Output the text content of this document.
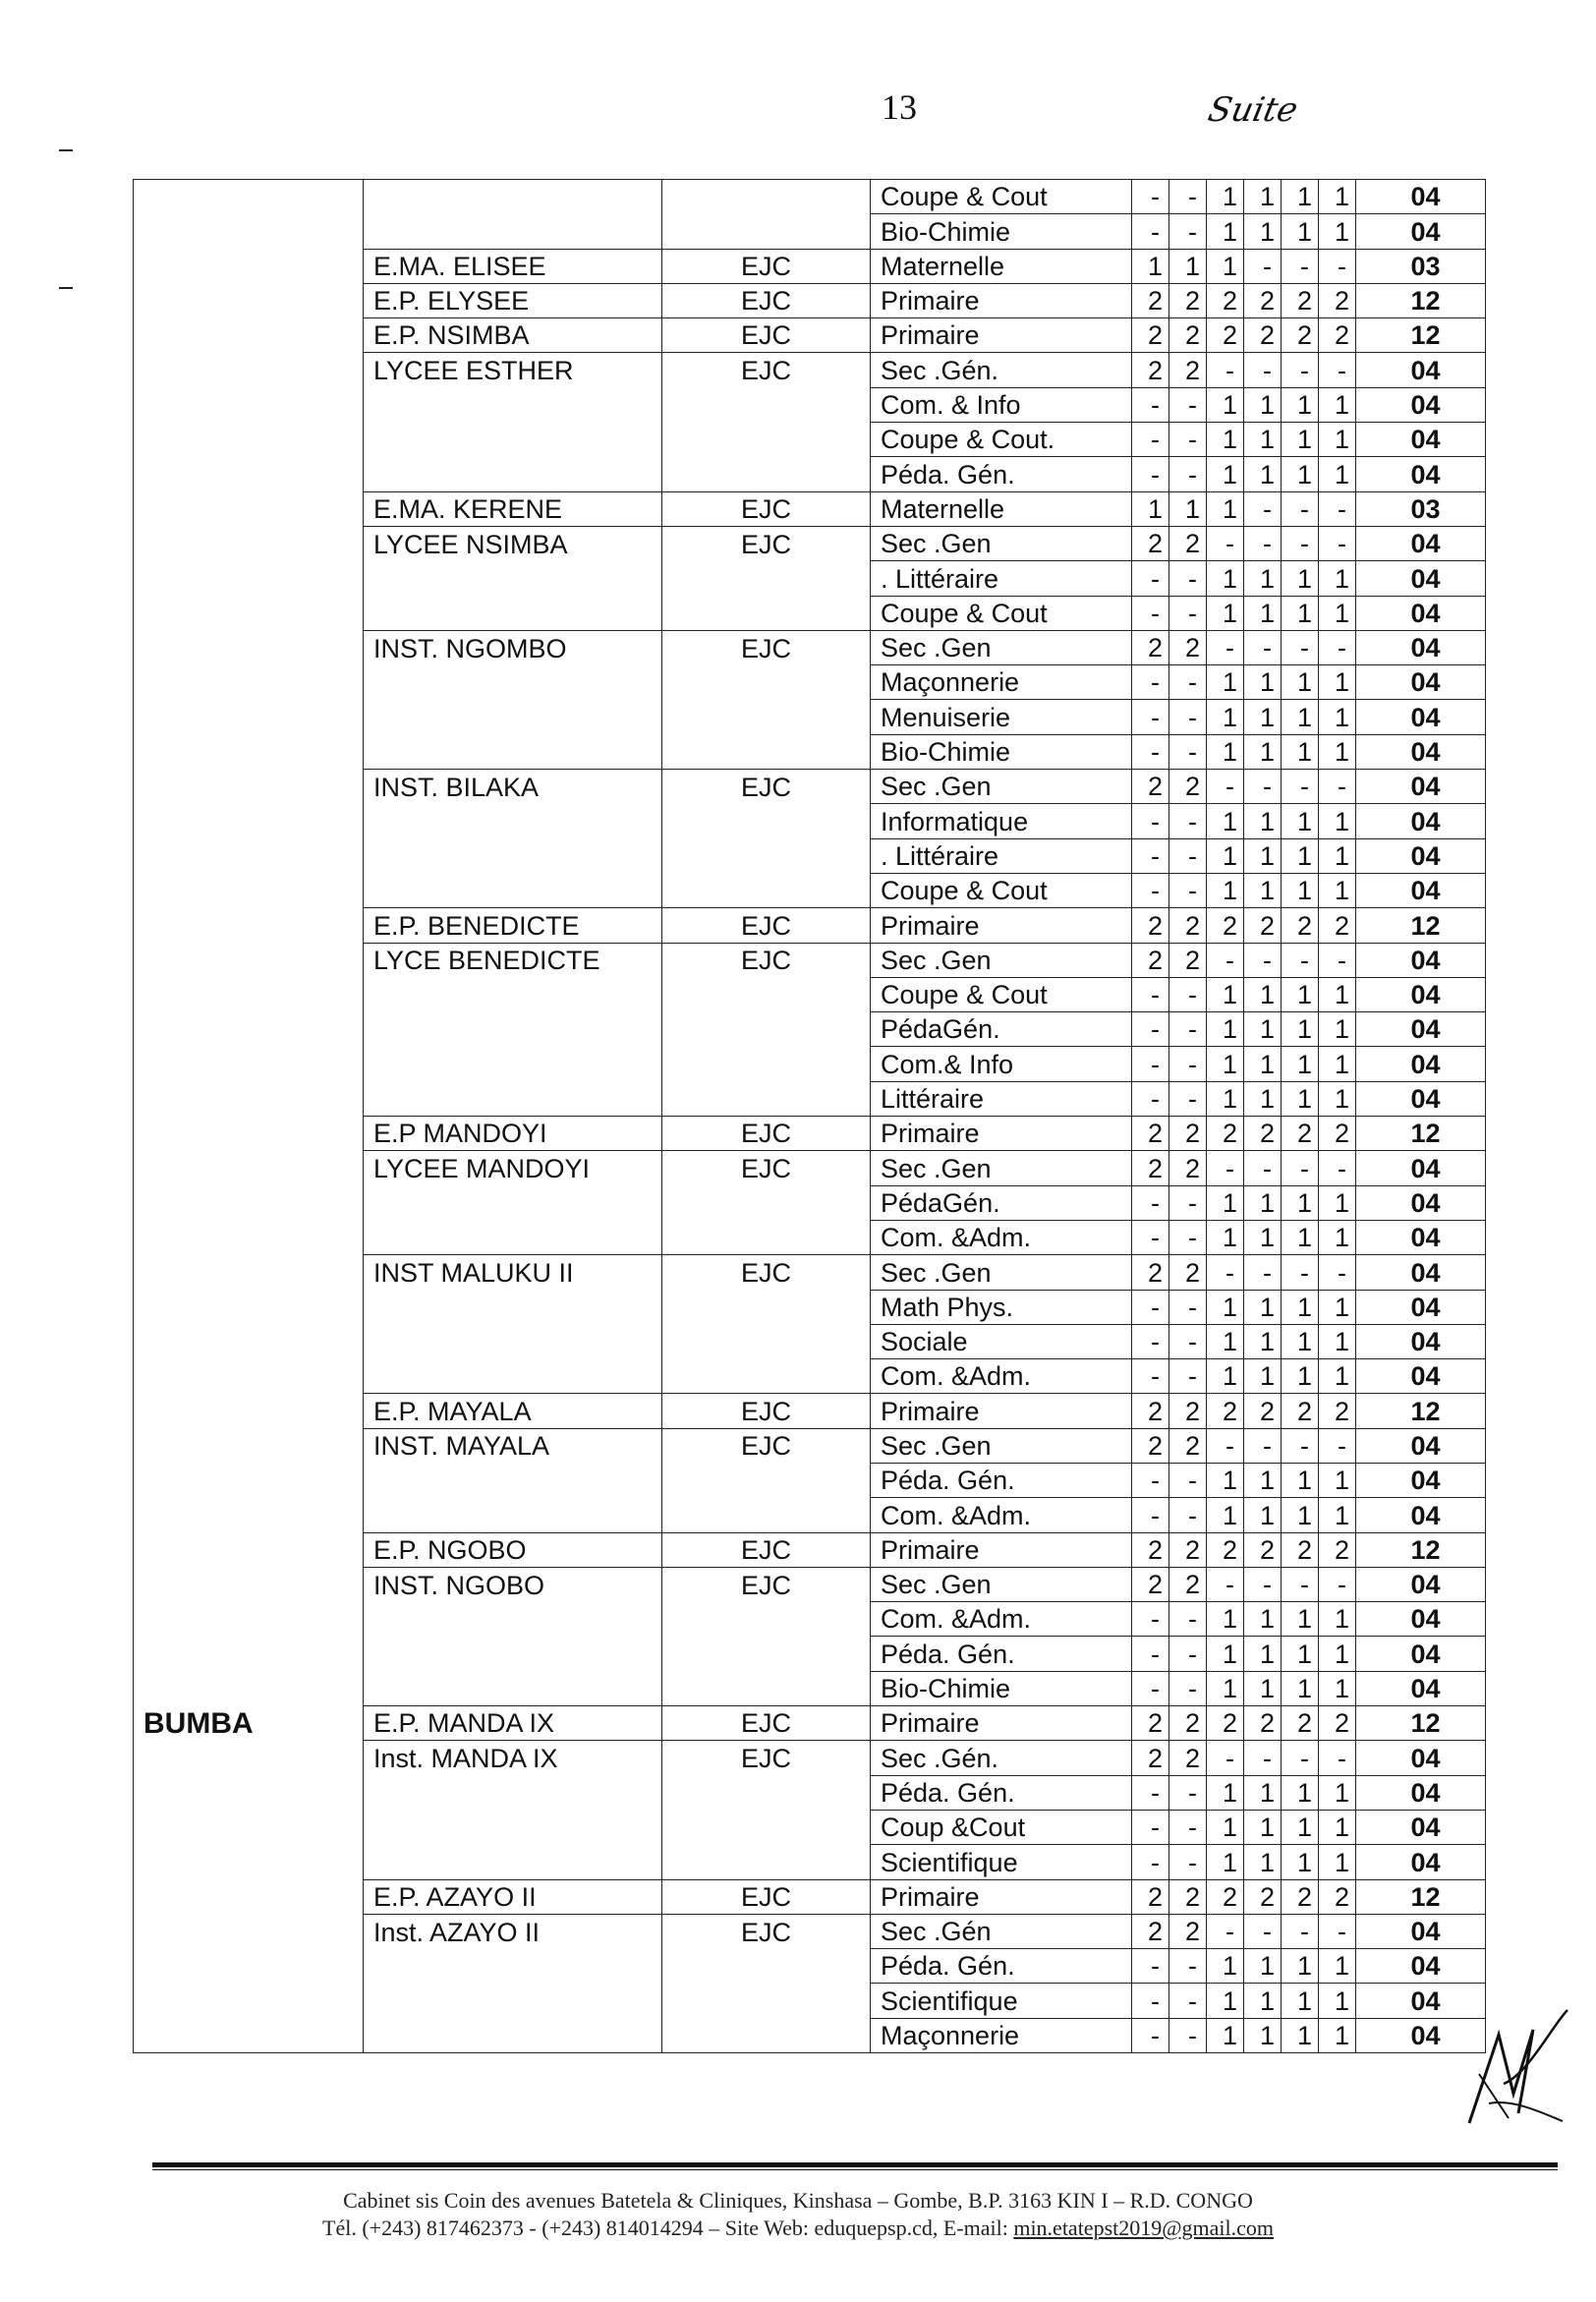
13	Suite
			Coupe & Cout	-	-	1	1	1	1	04
			Bio-Chimie	-	-	1	1	1	1	04
	E.MA. ELISEE	EJC	Maternelle	1	1	1	-	-	-	03
	E.P. ELYSEE	EJC	Primaire	2	2	2	2	2	2	12
	E.P. NSIMBA	EJC	Primaire	2	2	2	2	2	2	12
	LYCEE ESTHER	EJC	Sec .Gén.	2	2	-	-	-	-	04
			Com. & Info	-	-	1	1	1	1	04
			Coupe & Cout.	-	-	1	1	1	1	04
			Péda. Gén.	-	-	1	1	1	1	04
	E.MA. KERENE	EJC	Maternelle	1	1	1	-	-	-	03
	LYCEE NSIMBA	EJC	Sec .Gen	2	2	-	-	-	-	04
			. Littéraire	-	-	1	1	1	1	04
			Coupe & Cout	-	-	1	1	1	1	04
	INST. NGOMBO	EJC	Sec .Gen	2	2	-	-	-	-	04
			Maçonnerie	-	-	1	1	1	1	04
			Menuiserie	-	-	1	1	1	1	04
			Bio-Chimie	-	-	1	1	1	1	04
	INST. BILAKA	EJC	Sec .Gen	2	2	-	-	-	-	04
			Informatique	-	-	1	1	1	1	04
			. Littéraire	-	-	1	1	1	1	04
			Coupe & Cout	-	-	1	1	1	1	04
	E.P. BENEDICTE	EJC	Primaire	2	2	2	2	2	2	12
	LYCE BENEDICTE	EJC	Sec .Gen	2	2	-	-	-	-	04
			Coupe & Cout	-	-	1	1	1	1	04
			PédaGén.	-	-	1	1	1	1	04
			Com.& Info	-	-	1	1	1	1	04
			Littéraire	-	-	1	1	1	1	04
	E.P MANDOYI	EJC	Primaire	2	2	2	2	2	2	12
	LYCEE MANDOYI	EJC	Sec .Gen	2	2	-	-	-	-	04
			PédaGén.	-	-	1	1	1	1	04
			Com. &Adm.	-	-	1	1	1	1	04
	INST MALUKU II	EJC	Sec .Gen	2	2	-	-	-	-	04
			Math Phys.	-	-	1	1	1	1	04
			Sociale	-	-	1	1	1	1	04
			Com. &Adm.	-	-	1	1	1	1	04
	E.P. MAYALA	EJC	Primaire	2	2	2	2	2	2	12
	INST. MAYALA	EJC	Sec .Gen	2	2	-	-	-	-	04
			Péda. Gén.	-	-	1	1	1	1	04
			Com. &Adm.	-	-	1	1	1	1	04
	E.P. NGOBO	EJC	Primaire	2	2	2	2	2	2	12
	INST. NGOBO	EJC	Sec .Gen	2	2	-	-	-	-	04
			Com. &Adm.	-	-	1	1	1	1	04
			Péda. Gén.	-	-	1	1	1	1	04
			Bio-Chimie	-	-	1	1	1	1	04
BUMBA	E.P. MANDA IX	EJC	Primaire	2	2	2	2	2	2	12
	Inst. MANDA IX	EJC	Sec .Gén.	2	2	-	-	-	-	04
			Péda. Gén.	-	-	1	1	1	1	04
			Coup &Cout	-	-	1	1	1	1	04
			Scientifique	-	-	1	1	1	1	04
	E.P. AZAYO II	EJC	Primaire	2	2	2	2	2	2	12
	Inst. AZAYO II	EJC	Sec .Gén	2	2	-	-	-	-	04
			Péda. Gén.	-	-	1	1	1	1	04
			Scientifique	-	-	1	1	1	1	04
			Maçonnerie	-	-	1	1	1	1	04
Cabinet sis Coin des avenues Batetela & Cliniques, Kinshasa – Gombe, B.P. 3163 KIN I – R.D. CONGO
Tél. (+243) 817462373 - (+243) 814014294 – Site Web: eduquepsp.cd, E-mail: min.etatepst2019@gmail.com
